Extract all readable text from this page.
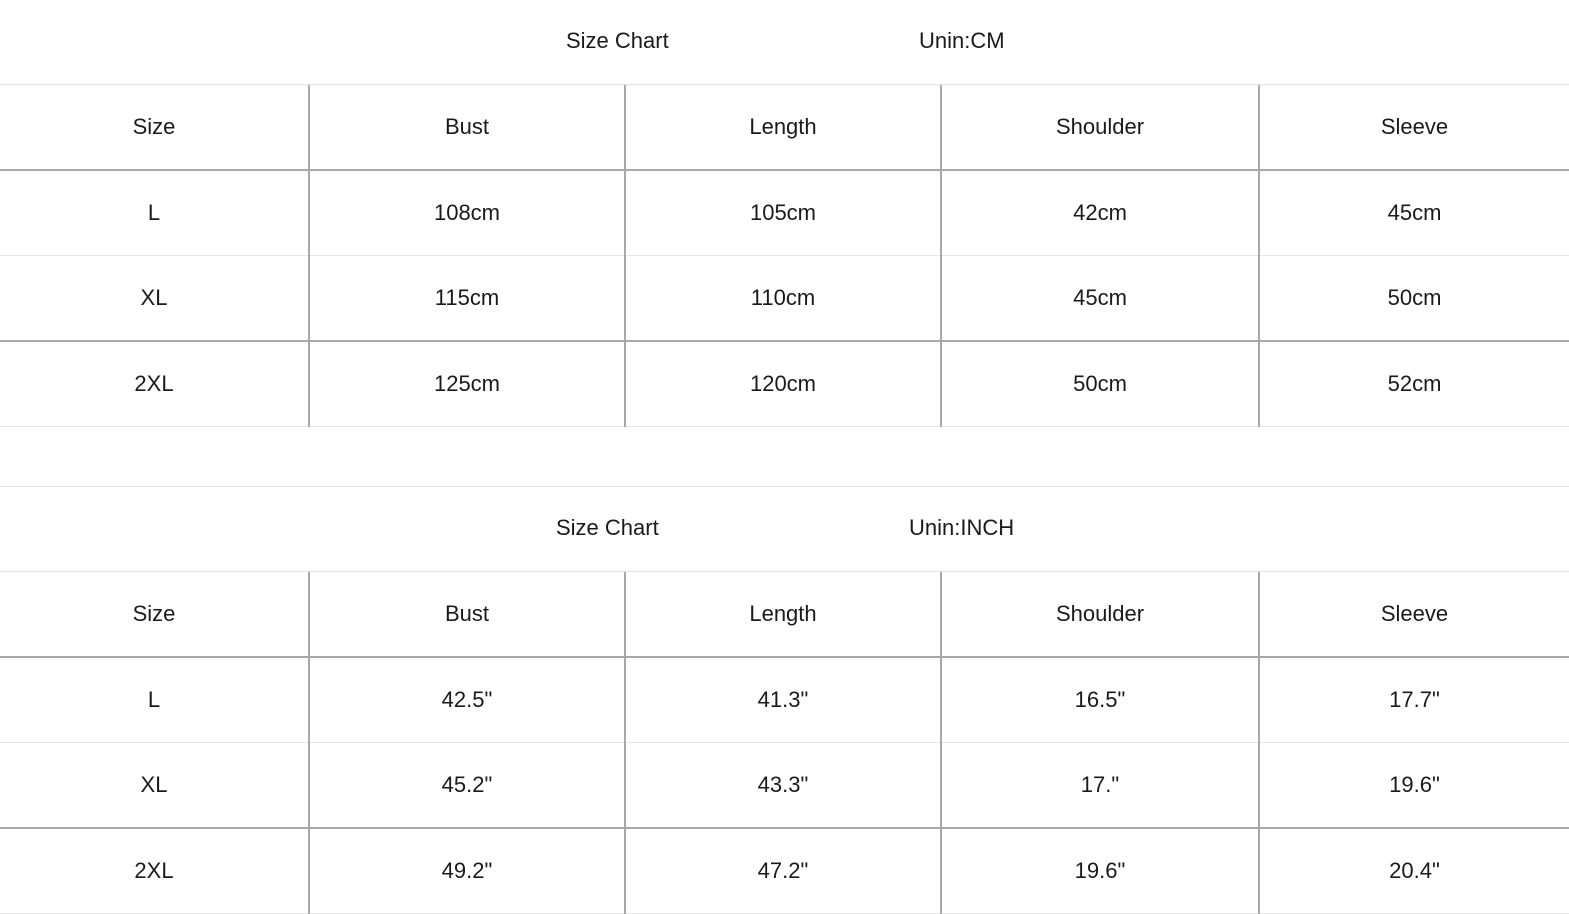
Size Chart	Unin:CM
Size	Bust	Length	Shoulder	Sleeve
L	108cm	105cm	42cm	45cm
XL	115cm	110cm	45cm	50cm
2XL	125cm	120cm	50cm	52cm
Size Chart	Unin:INCH
Size	Bust	Length	Shoulder	Sleeve
L	42.5"	41.3"	16.5"	17.7"
XL	45.2"	43.3"	17."	19.6"
2XL	49.2"	47.2"	19.6"	20.4"
